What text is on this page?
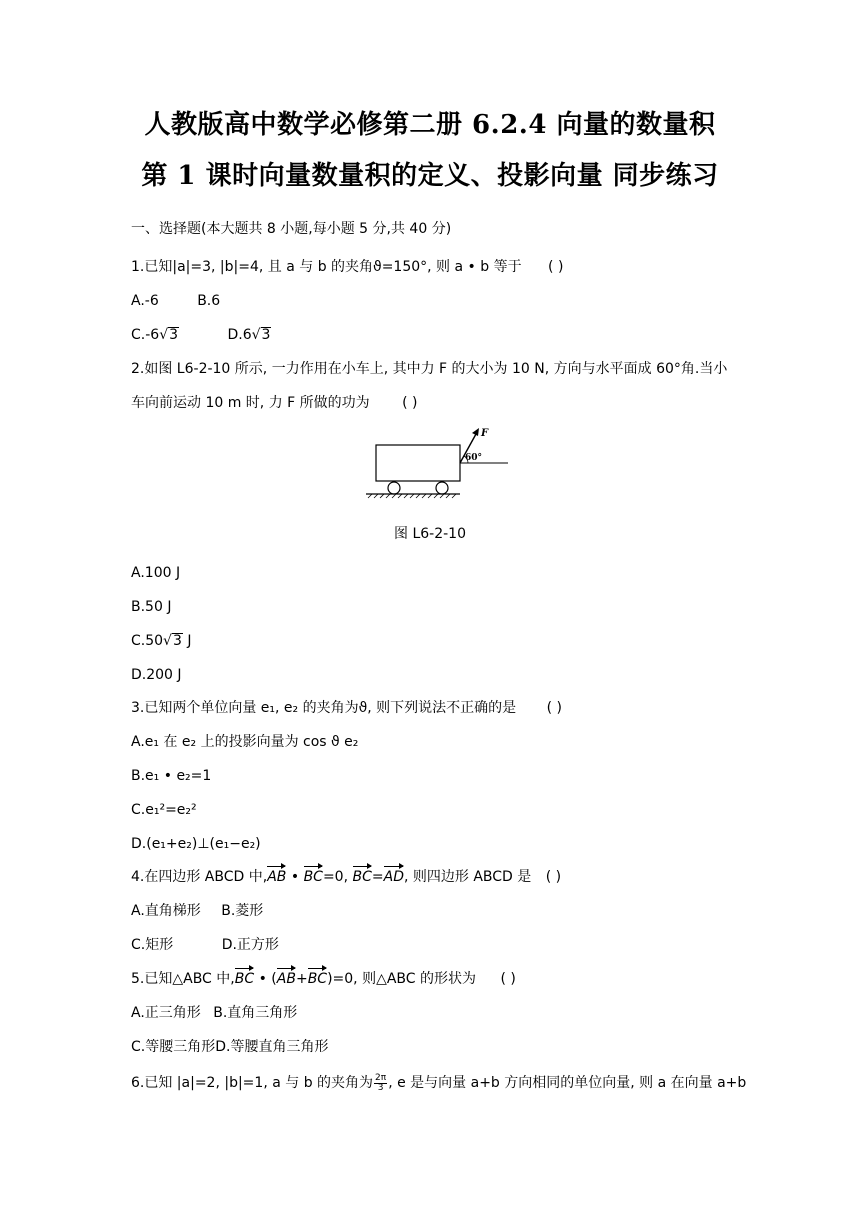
人教版高中数学必修第二册 6.2.4 向量的数量积
第 1 课时向量数量积的定义、投影向量 同步练习
一、选择题(本大题共 8 小题,每小题 5 分,共 40 分)
1.已知|a|=3, |b|=4, 且 a 与 b 的夹角ϑ=150°, 则 a • b 等于 ( )
A.-6	B.6
C.-6√3	D.6√3
2.如图 L6-2-10 所示, 一力作用在小车上, 其中力 F 的大小为 10 N, 方向与水平面成 60°角.当小
车向前运动 10 m 时, 力 F 所做的功为 ( )
F
60°
图 L6-2-10
A.100 J
B.50 J
C.50√3 J
D.200 J
3.已知两个单位向量 e₁, e₂ 的夹角为ϑ, 则下列说法不正确的是 ( )
A.e₁ 在 e₂ 上的投影向量为 cos ϑ e₂
B.e₁ • e₂=1
C.e₁²=e₂²
D.(e₁+e₂)⊥(e₁−e₂)
4.在四边形 ABCD 中,AB • BC=0, BC=AD, 则四边形 ABCD 是 ( )
A.直角梯形 B.菱形
C.矩形	D.正方形
5.已知△ABC 中,BC • (AB+BC)=0, 则△ABC 的形状为 ( )
A.正三角形 B.直角三角形
C.等腰三角形D.等腰直角三角形
6.已知 |a|=2, |b|=1, a 与 b 的夹角为 $\frac{2\pi}{3}$ , e 是与向量 a+b 方向相同的单位向量, 则 a 在向量 a+b
